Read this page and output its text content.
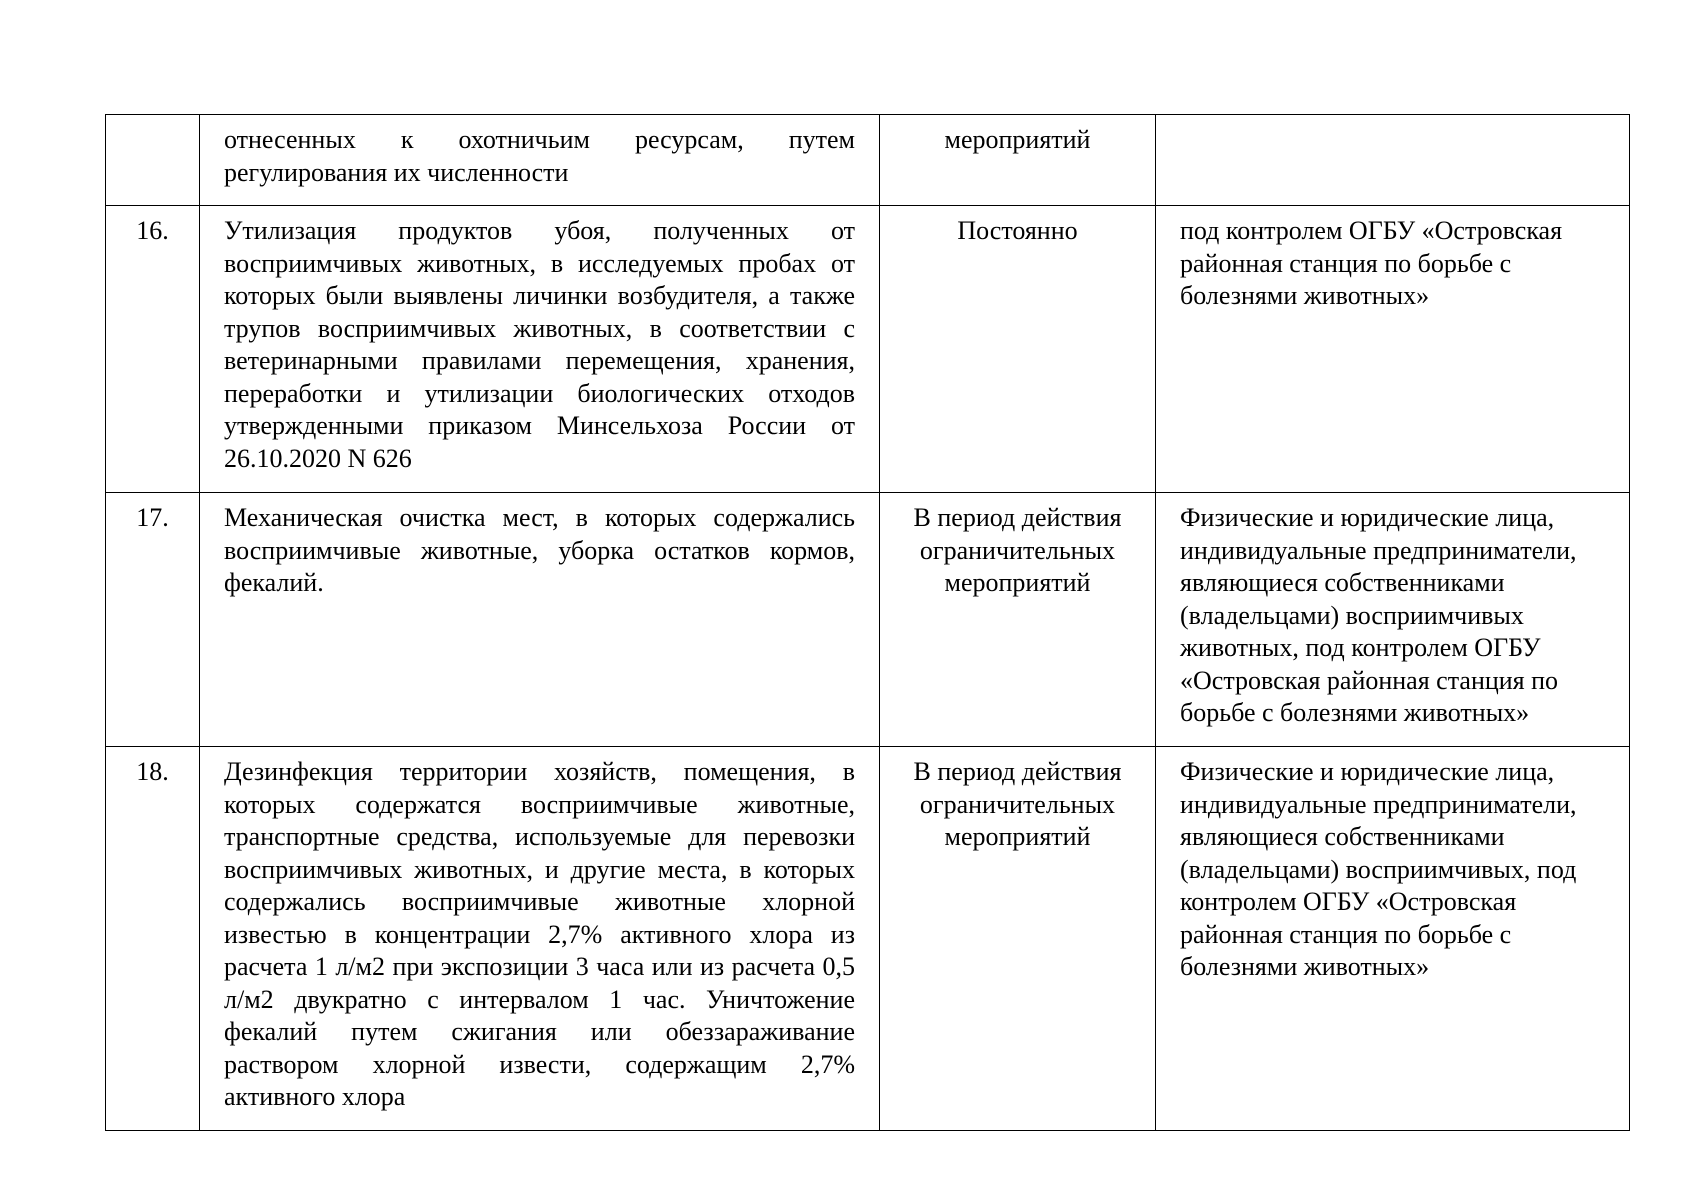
	отнесенных к охотничьим ресурсам, путем регулирования их численности	мероприятий	
16.	Утилизация продуктов убоя, полученных от восприимчивых животных, в исследуемых пробах от которых были выявлены личинки возбудителя, а также трупов восприимчивых животных, в соответствии с ветеринарными правилами перемещения, хранения, переработки и утилизации биологических отходов утвержденными приказом Минсельхоза России от 26.10.2020 N 626	Постоянно	под контролем ОГБУ «Островская районная станция по борьбе с болезнями животных»
17.	Механическая очистка мест, в которых содержались восприимчивые животные, уборка остатков кормов, фекалий.	В период действия ограничительных мероприятий	Физические и юридические лица, индивидуальные предприниматели, являющиеся собственниками (владельцами) восприимчивых животных, под контролем ОГБУ «Островская районная станция по борьбе с болезнями животных»
18.	Дезинфекция территории хозяйств, помещения, в которых содержатся восприимчивые животные, транспортные средства, используемые для перевозки восприимчивых животных, и другие места, в которых содержались восприимчивые животные хлорной известью в концентрации 2,7% активного хлора из расчета 1 л/м2 при экспозиции 3 часа или из расчета 0,5 л/м2 двукратно с интервалом 1 час. Уничтожение фекалий путем сжигания или обеззараживание раствором хлорной извести, содержащим 2,7% активного хлора	В период действия ограничительных мероприятий	Физические и юридические лица, индивидуальные предприниматели, являющиеся собственниками (владельцами) восприимчивых, под контролем ОГБУ «Островская районная станция по борьбе с болезнями животных»
